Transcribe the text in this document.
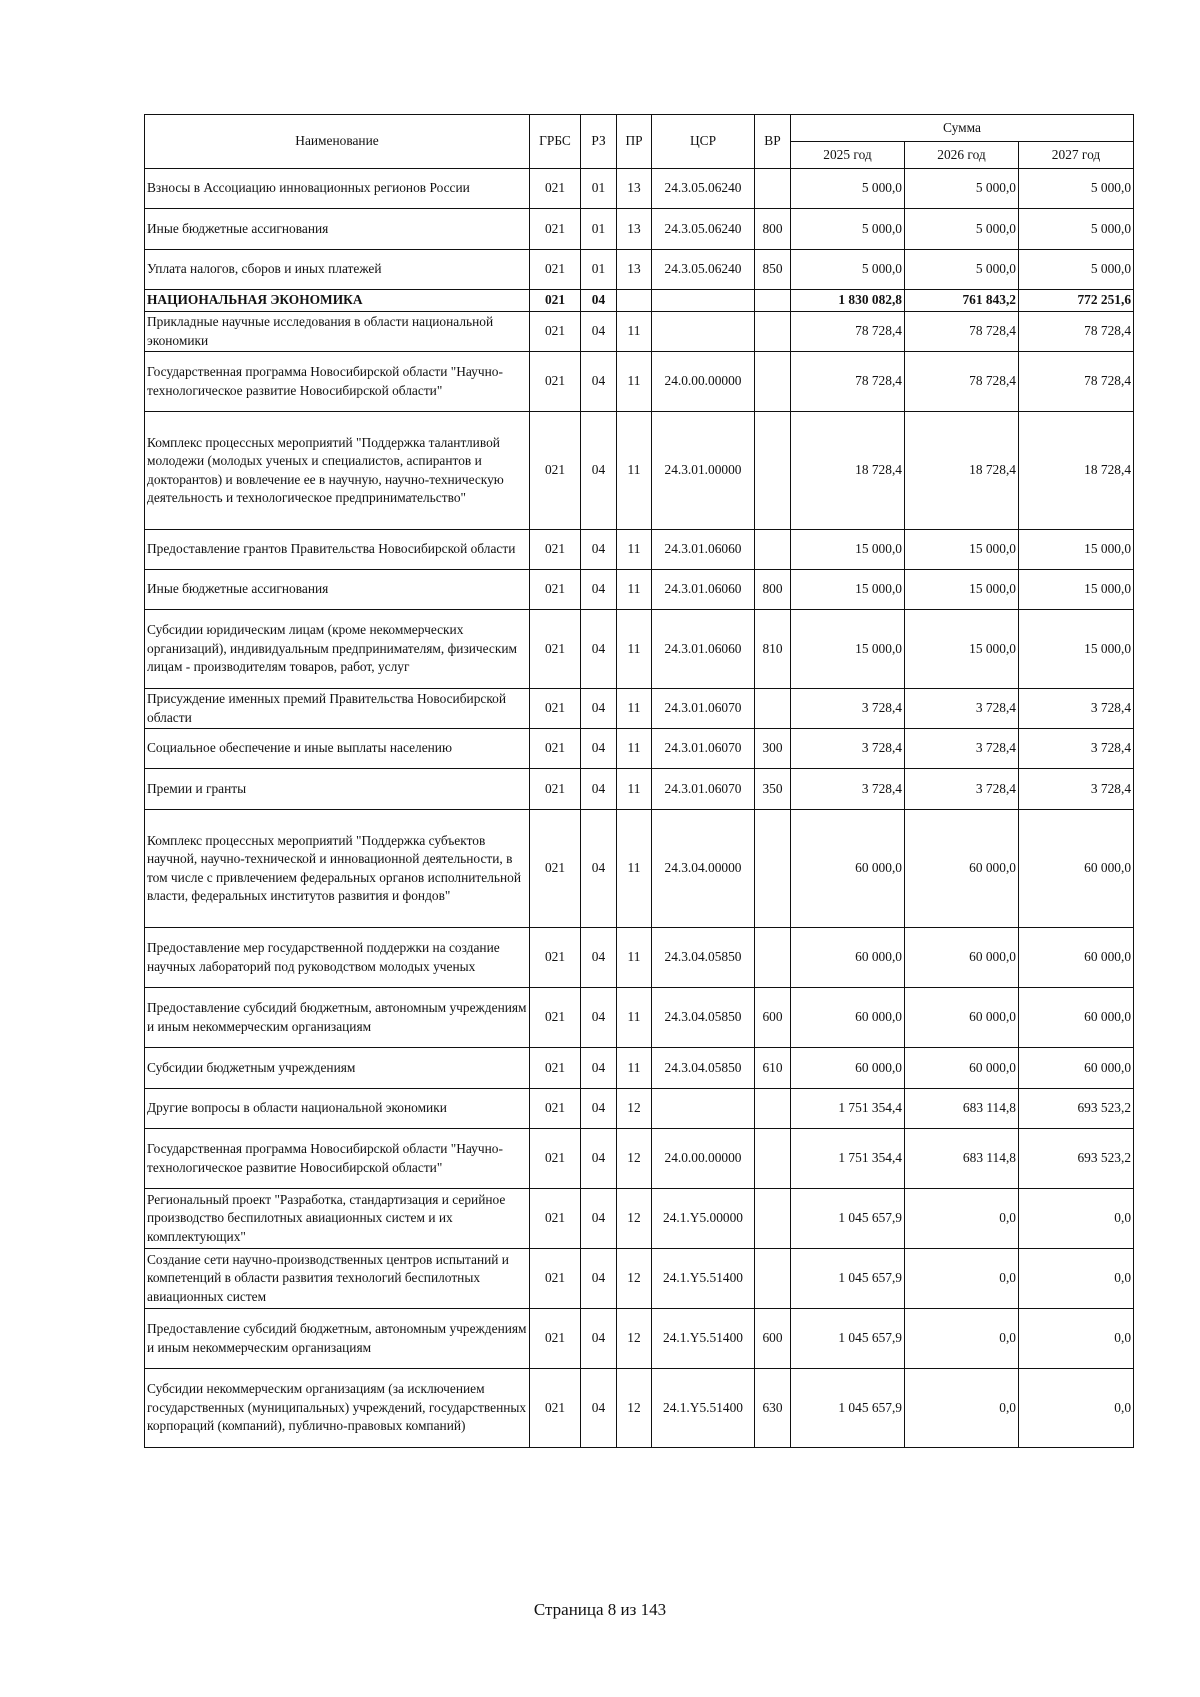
Наименование	ГРБС	РЗ	ПР	ЦСР	ВР	Сумма		
						2025 год	2026 год	2027 год
Взносы в Ассоциацию инновационных регионов России	021	01	13	24.3.05.06240		5 000,0	5 000,0	5 000,0
Иные бюджетные ассигнования	021	01	13	24.3.05.06240	800	5 000,0	5 000,0	5 000,0
Уплата налогов, сборов и иных платежей	021	01	13	24.3.05.06240	850	5 000,0	5 000,0	5 000,0
НАЦИОНАЛЬНАЯ ЭКОНОМИКА	021	04				1 830 082,8	761 843,2	772 251,6
Прикладные научные исследования в области национальной экономики	021	04	11			78 728,4	78 728,4	78 728,4
Государственная программа Новосибирской области "Научно-технологическое развитие Новосибирской области"	021	04	11	24.0.00.00000		78 728,4	78 728,4	78 728,4
Комплекс процессных мероприятий "Поддержка талантливой молодежи (молодых ученых и специалистов, аспирантов и докторантов) и вовлечение ее в научную, научно-техническую деятельность и технологическое предпринимательство"	021	04	11	24.3.01.00000		18 728,4	18 728,4	18 728,4
Предоставление грантов Правительства Новосибирской области	021	04	11	24.3.01.06060		15 000,0	15 000,0	15 000,0
Иные бюджетные ассигнования	021	04	11	24.3.01.06060	800	15 000,0	15 000,0	15 000,0
Субсидии юридическим лицам (кроме некоммерческих организаций), индивидуальным предпринимателям, физическим лицам - производителям товаров, работ, услуг	021	04	11	24.3.01.06060	810	15 000,0	15 000,0	15 000,0
Присуждение именных премий Правительства Новосибирской области	021	04	11	24.3.01.06070		3 728,4	3 728,4	3 728,4
Социальное обеспечение и иные выплаты населению	021	04	11	24.3.01.06070	300	3 728,4	3 728,4	3 728,4
Премии и гранты	021	04	11	24.3.01.06070	350	3 728,4	3 728,4	3 728,4
Комплекс процессных мероприятий "Поддержка субъектов научной, научно-технической и инновационной деятельности, в том числе с привлечением федеральных органов исполнительной власти, федеральных институтов развития и фондов"	021	04	11	24.3.04.00000		60 000,0	60 000,0	60 000,0
Предоставление мер государственной поддержки на создание научных лабораторий под руководством молодых ученых	021	04	11	24.3.04.05850		60 000,0	60 000,0	60 000,0
Предоставление субсидий бюджетным, автономным учреждениям и иным некоммерческим организациям	021	04	11	24.3.04.05850	600	60 000,0	60 000,0	60 000,0
Субсидии бюджетным учреждениям	021	04	11	24.3.04.05850	610	60 000,0	60 000,0	60 000,0
Другие вопросы в области национальной экономики	021	04	12			1 751 354,4	683 114,8	693 523,2
Государственная программа Новосибирской области "Научно-технологическое развитие Новосибирской области"	021	04	12	24.0.00.00000		1 751 354,4	683 114,8	693 523,2
Региональный проект "Разработка, стандартизация и серийное производство беспилотных авиационных систем и их комплектующих"	021	04	12	24.1.Y5.00000		1 045 657,9	0,0	0,0
Создание сети научно-производственных центров испытаний и компетенций в области развития технологий беспилотных авиационных систем	021	04	12	24.1.Y5.51400		1 045 657,9	0,0	0,0
Предоставление субсидий бюджетным, автономным учреждениям и иным некоммерческим организациям	021	04	12	24.1.Y5.51400	600	1 045 657,9	0,0	0,0
Субсидии некоммерческим организациям (за исключением государственных (муниципальных) учреждений, государственных корпораций (компаний), публично-правовых компаний)	021	04	12	24.1.Y5.51400	630	1 045 657,9	0,0	0,0
Страница 8 из 143
